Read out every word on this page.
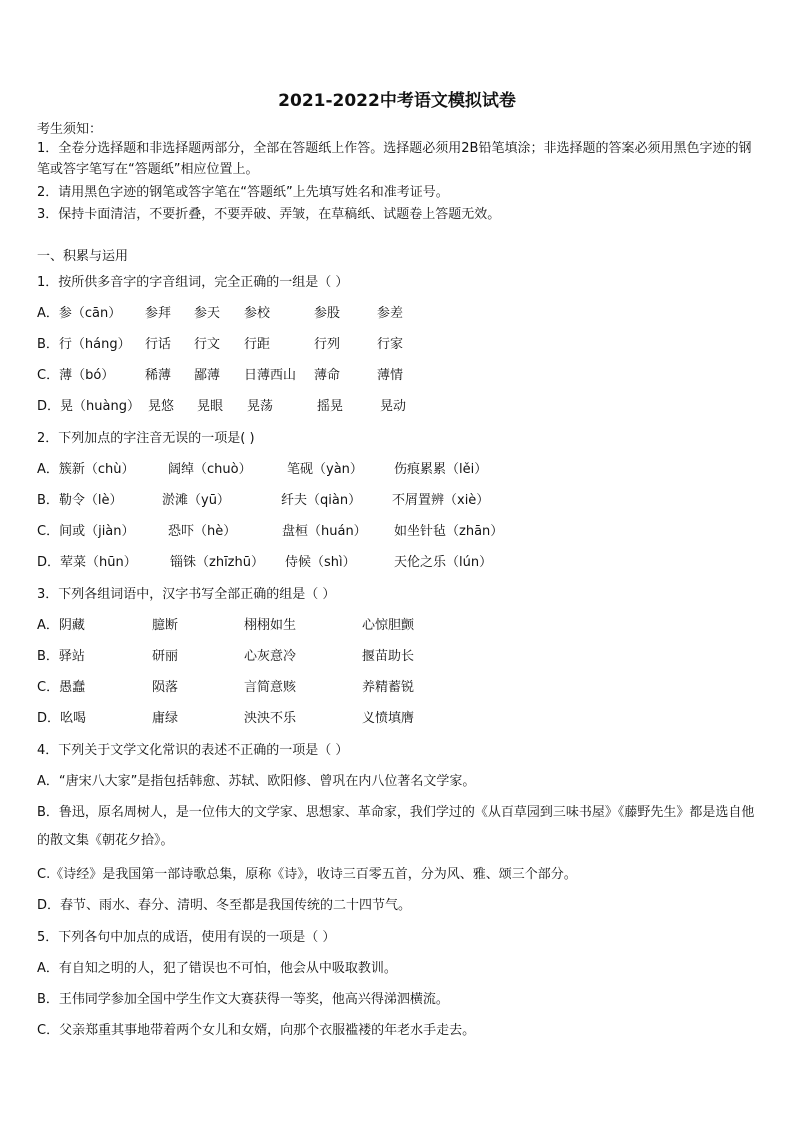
2021-2022中考语文模拟试卷
考生须知：
1．全卷分选择题和非选择题两部分，全部在答题纸上作答。选择题必须用2B铅笔填涂；非选择题的答案必须用黑色字迹的钢笔或答字笔写在“答题纸”相应位置上。
2．请用黑色字迹的钢笔或答字笔在“答题纸”上先填写姓名和准考证号。
3．保持卡面清洁，不要折叠，不要弄破、弄皱，在草稿纸、试题卷上答题无效。
一、积累与运用
1．按所供多音字的字音组词，完全正确的一组是（ ）
A．参（cān） 参拜 参天 参校	参股	参差
B．行（háng） 行话 行文 行距	行列	行家
C．薄（bó） 稀薄 鄙薄 日薄西山 薄命	薄情
D．晃（huàng） 晃悠 晃眼 晃荡	摇晃	晃动
2．下列加点的字注音无误的一项是( )
A．簇新（chù）	阔绰（chuò）	笔砚（yàn） 伤痕累累（lěi）
B．勒令（lè）	淤滩（yū）	纤夫（qiàn） 不屑置辨（xiè）
C．间或（jiàn）	恐吓（hè）	盘桓（huán） 如坐针毡（zhān）
D．荤菜（hūn）	锱铢（zhīzhū） 侍候（shì）	天伦之乐（lún）
3．下列各组词语中，汉字书写全部正确的组是（ ）
A．阴藏	臆断	栩栩如生	心惊胆颤
B．驿站	研丽	心灰意冷	揠苗助长
C．愚蠢	陨落	言简意赅	养精蓄锐
D．吆喝	庸绿	泱泱不乐	义愤填膺
4．下列关于文学文化常识的表述不正确的一项是（ ）
A．“唐宋八大家”是指包括韩愈、苏轼、欧阳修、曾巩在内八位著名文学家。
B．鲁迅，原名周树人，是一位伟大的文学家、思想家、革命家，我们学过的《从百草园到三味书屋》《藤野先生》都是选自他的散文集《朝花夕拾》。
C.《诗经》是我国第一部诗歌总集，原称《诗》，收诗三百零五首，分为风、雅、颂三个部分。
D．春节、雨水、春分、清明、冬至都是我国传统的二十四节气。
5．下列各句中加点的成语，使用有误的一项是（ ）
A．有自知之明的人，犯了错误也不可怕，他会从中吸取教训。
B．王伟同学参加全国中学生作文大赛获得一等奖，他高兴得涕泗横流。
C．父亲郑重其事地带着两个女儿和女婿，向那个衣服褴褛的年老水手走去。
